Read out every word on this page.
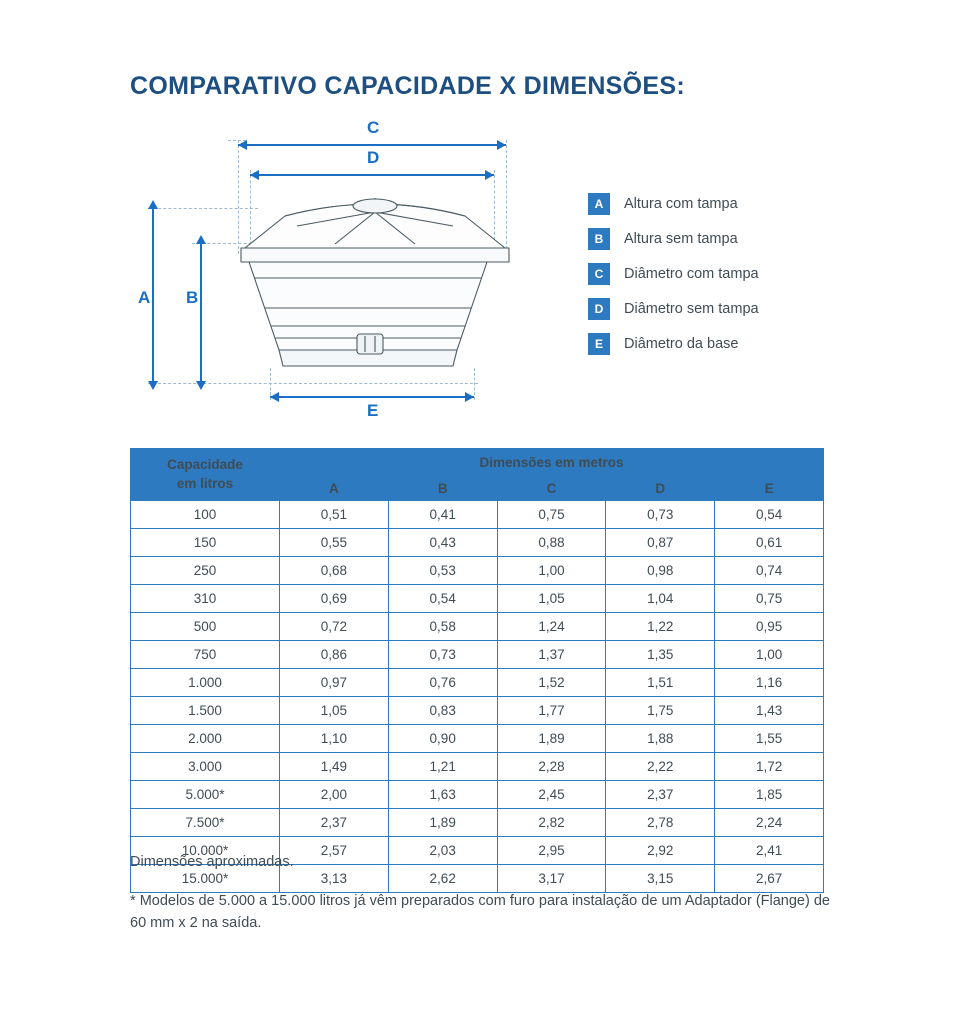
COMPARATIVO CAPACIDADE X DIMENSÕES:
C
D
A B
E
A	Altura com tampa
B	Altura sem tampa
C	Diâmetro com tampa
D	Diâmetro sem tampa
E	Diâmetro da base
Capacidade
em litros	Dimensões em metros				
	A	B	C	D	E
100	0,51	0,41	0,75	0,73	0,54
150	0,55	0,43	0,88	0,87	0,61
250	0,68	0,53	1,00	0,98	0,74
310	0,69	0,54	1,05	1,04	0,75
500	0,72	0,58	1,24	1,22	0,95
750	0,86	0,73	1,37	1,35	1,00
1.000	0,97	0,76	1,52	1,51	1,16
1.500	1,05	0,83	1,77	1,75	1,43
2.000	1,10	0,90	1,89	1,88	1,55
3.000	1,49	1,21	2,28	2,22	1,72
5.000*	2,00	1,63	2,45	2,37	1,85
7.500*	2,37	1,89	2,82	2,78	2,24
10.000*	2,57	2,03	2,95	2,92	2,41
15.000*	3,13	2,62	3,17	3,15	2,67
Dimensões aproximadas.
* Modelos de 5.000 a 15.000 litros já vêm preparados com furo para instalação de um Adaptador (Flange) de 60 mm x 2 na saída.
